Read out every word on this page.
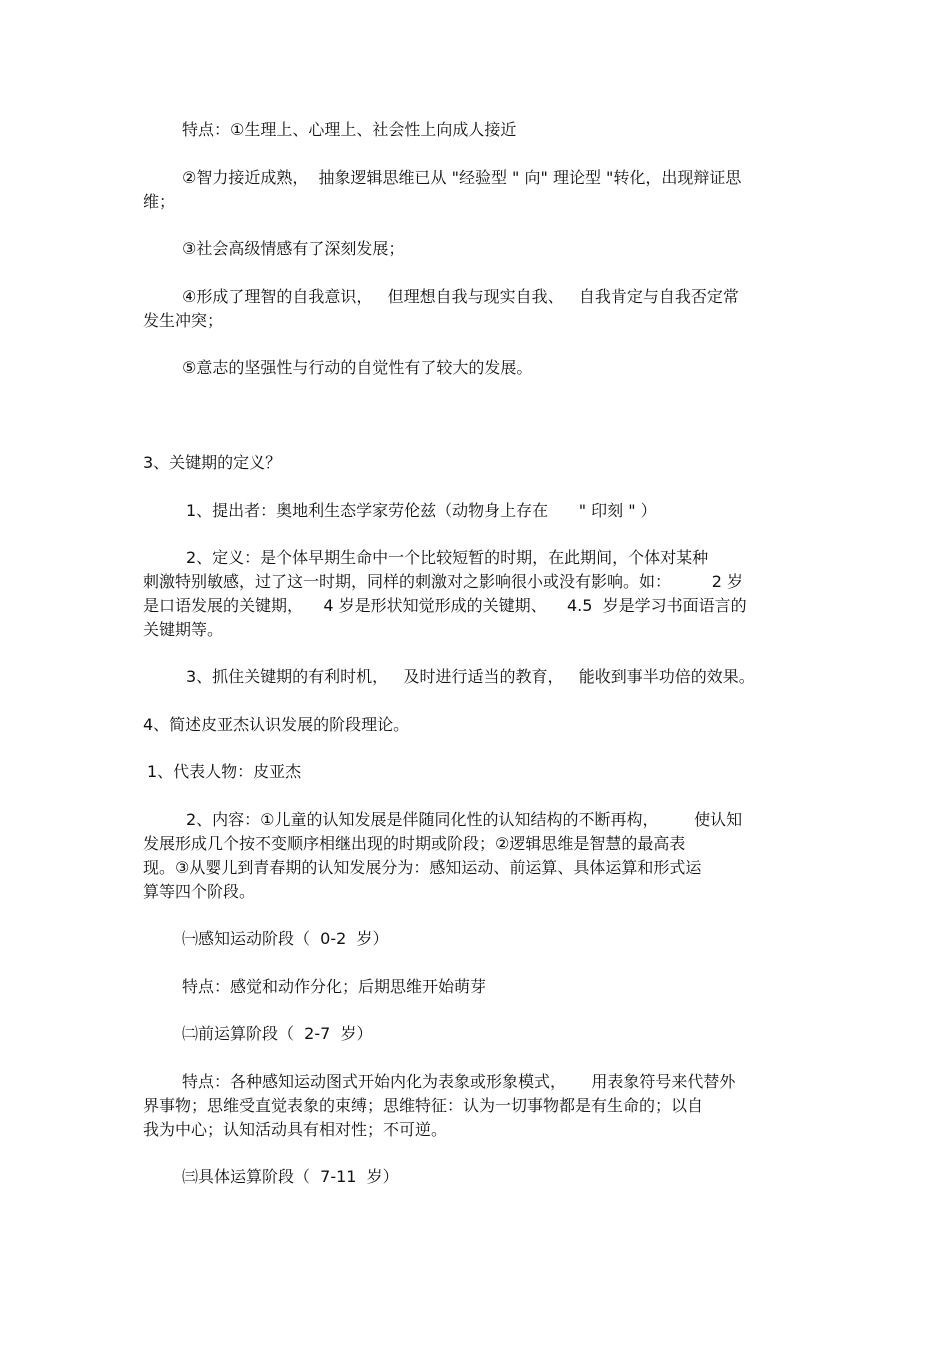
特点：①生理上、心理上、社会性上向成人接近
②智力接近成熟，  抽象逻辑思维已从 "经验型 " 向" 理论型 "转化，出现辩证思
维；
③社会高级情感有了深刻发展；
④形成了理智的自我意识，   但理想自我与现实自我、   自我肯定与自我否定常
发生冲突；
⑤意志的坚强性与行动的自觉性有了较大的发展。
3、关键期的定义？
1、提出者：奥地利生态学家劳伦兹（动物身上存在      " 印刻 " ）
2、定义：是个体早期生命中一个比较短暂的时期，在此期间，个体对某种
刺激特别敏感，过了这一时期，同样的刺激对之影响很小或没有影响。如：        2 岁
是口语发展的关键期，    4 岁是形状知觉形成的关键期、    4.5  岁是学习书面语言的
关键期等。
3、抓住关键期的有利时机，   及时进行适当的教育，   能收到事半功倍的效果。
4、简述皮亚杰认识发展的阶段理论。
1、代表人物：皮亚杰
2、内容：①儿童的认知发展是伴随同化性的认知结构的不断再构，       使认知
发展形成几个按不变顺序相继出现的时期或阶段；②逻辑思维是智慧的最高表
现。③从婴儿到青春期的认知发展分为：感知运动、前运算、具体运算和形式运
算等四个阶段。
㈠感知运动阶段（  0-2  岁）
特点：感觉和动作分化；后期思维开始萌芽
㈡前运算阶段（  2-7  岁）
特点：各种感知运动图式开始内化为表象或形象模式，     用表象符号来代替外
界事物；思维受直觉表象的束缚；思维特征：认为一切事物都是有生命的；以自
我为中心；认知活动具有相对性；不可逆。
㈢具体运算阶段（  7-11  岁）
